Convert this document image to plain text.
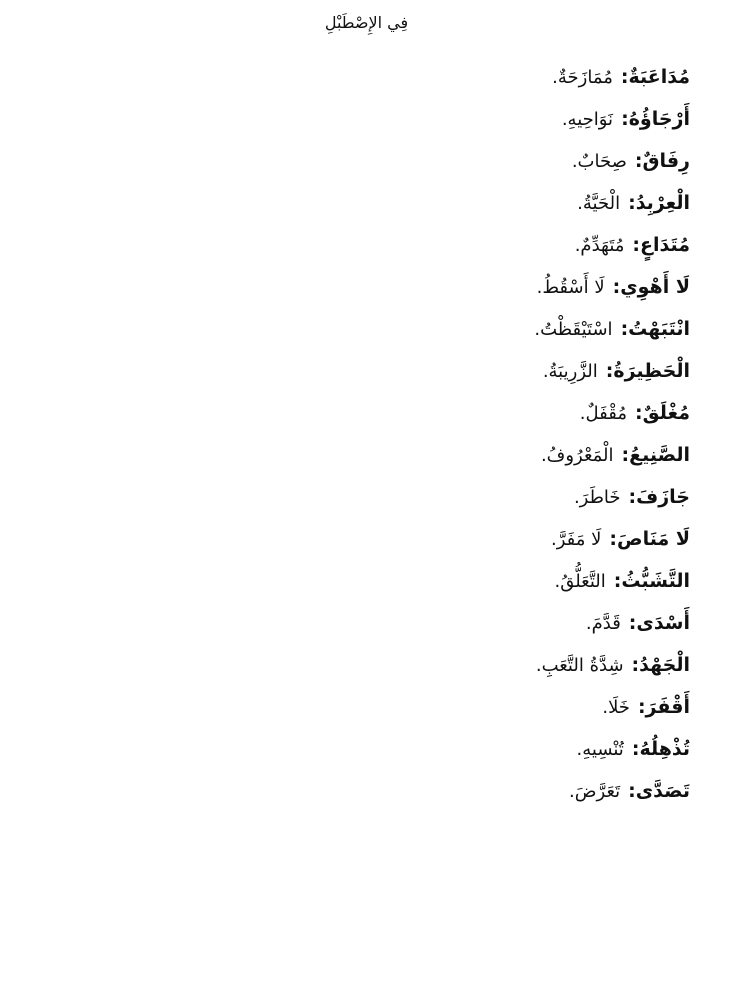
فِي الإِصْطَبْلِ
مُدَاعَبَةٌ:مُمَازَحَةٌ.
أَرْجَاؤُهُ:نَوَاحِيهِ.
رِفَاقٌ:صِحَابٌ.
الْعِرْبِدُ:الْحَيَّةُ.
مُتَدَاعٍ:مُتَهَدِّمٌ.
لَا أَهْوِي:لَا أَسْقُطُ.
انْتَبَهْتُ:اسْتَيْقَظْتُ.
الْحَظِيرَةُ:الزَّرِيبَةُ.
مُغْلَقٌ:مُقْفَلٌ.
الصَّنِيعُ:الْمَعْرُوفُ.
جَازَفَ:خَاطَرَ.
لَا مَنَاصَ:لَا مَفَرَّ.
التَّشَبُّثُ:التَّعَلُّقُ.
أَسْدَى:قَدَّمَ.
الْجَهْدُ:شِدَّةُ التَّعَبِ.
أَقْفَرَ:خَلَا.
تُذْهِلُهُ:تُنْسِيهِ.
تَصَدَّى:تَعَرَّضَ.
